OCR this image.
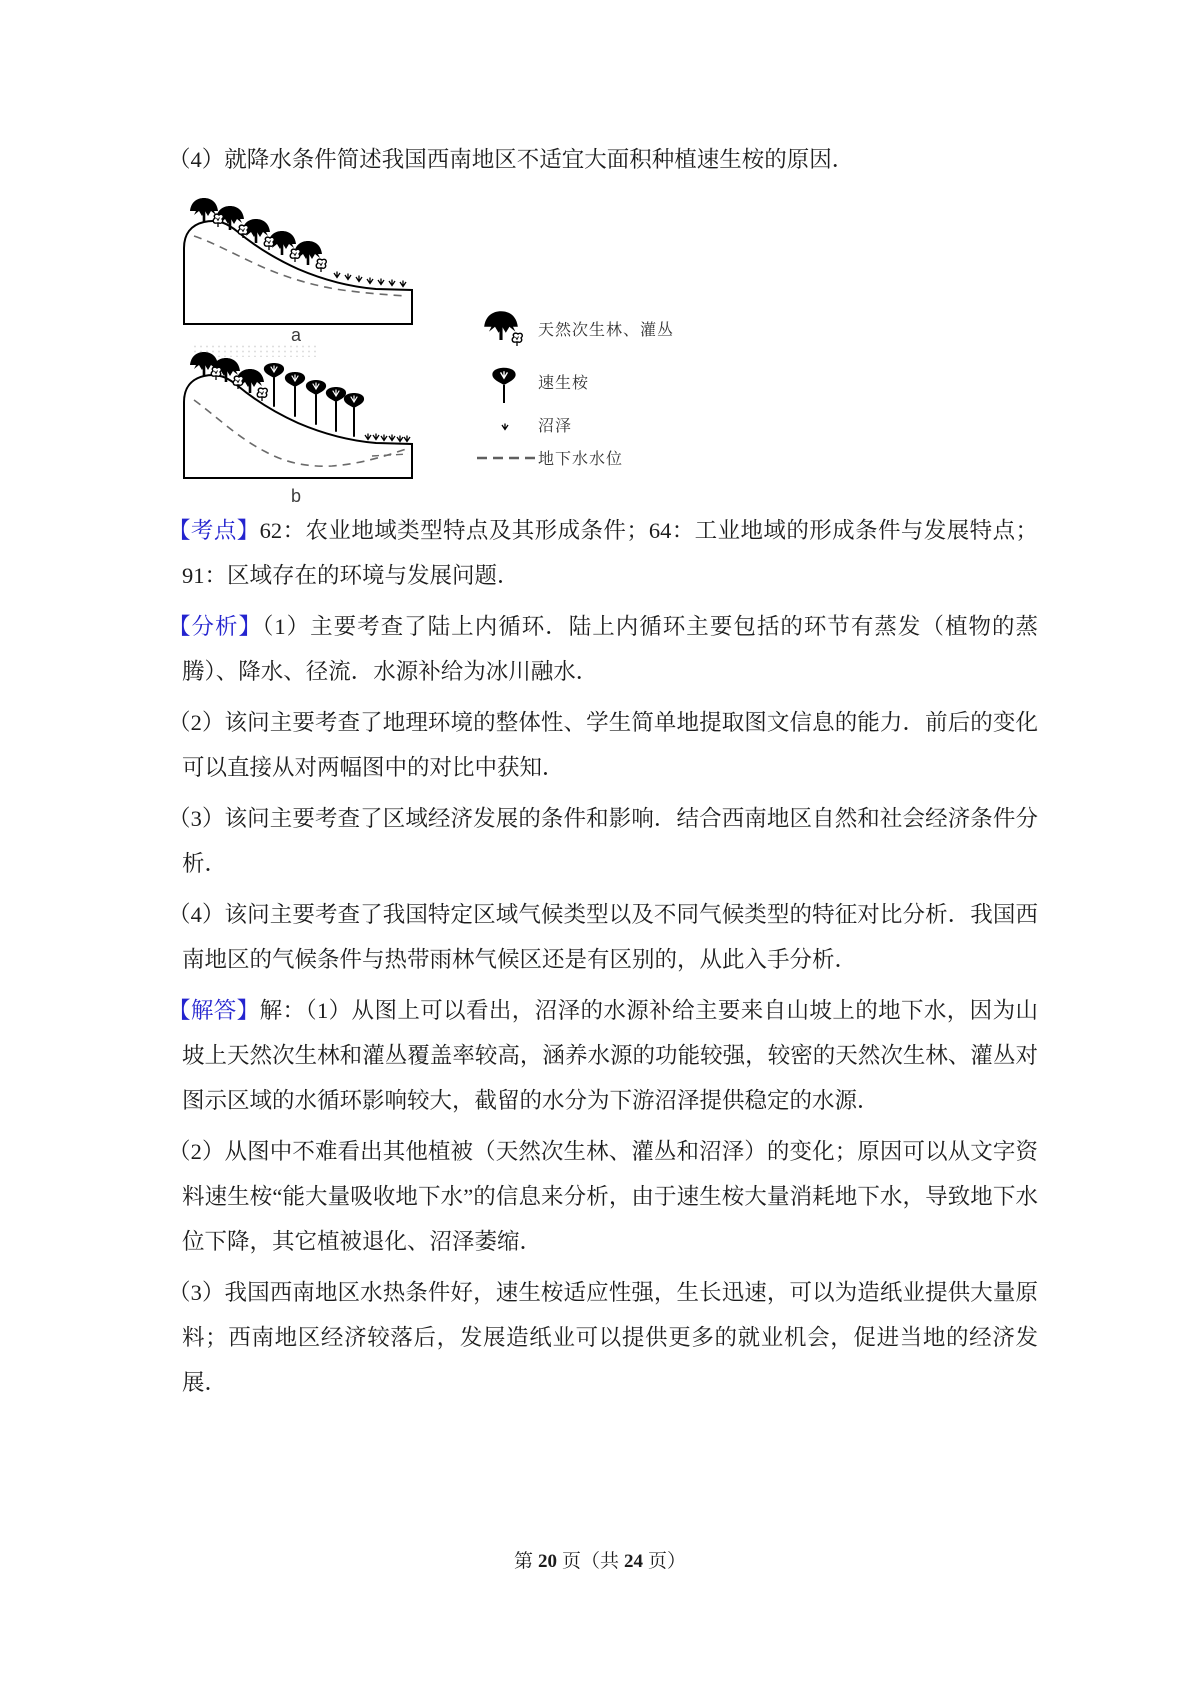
（4）就降水条件简述我国西南地区不适宜大面积种植速生桉的原因．

a
b
天然次生林、灌丛
速生桉
沼泽
地下水水位

【考点】62：农业地域类型特点及其形成条件；64：工业地域的形成条件与发展特点；91：区域存在的环境与发展问题．

【分析】（1）主要考查了陆上内循环．陆上内循环主要包括的环节有蒸发（植物的蒸腾）、降水、径流．水源补给为冰川融水．

（2）该问主要考查了地理环境的整体性、学生简单地提取图文信息的能力．前后的变化可以直接从对两幅图中的对比中获知．

（3）该问主要考查了区域经济发展的条件和影响．结合西南地区自然和社会经济条件分析．

（4）该问主要考查了我国特定区域气候类型以及不同气候类型的特征对比分析．我国西南地区的气候条件与热带雨林气候区还是有区别的，从此入手分析．

【解答】解：（1）从图上可以看出，沼泽的水源补给主要来自山坡上的地下水，因为山坡上天然次生林和灌丛覆盖率较高，涵养水源的功能较强，较密的天然次生林、灌丛对图示区域的水循环影响较大，截留的水分为下游沼泽提供稳定的水源．

（2）从图中不难看出其他植被（天然次生林、灌丛和沼泽）的变化；原因可以从文字资料速生桉“能大量吸收地下水”的信息来分析，由于速生桉大量消耗地下水，导致地下水位下降，其它植被退化、沼泽萎缩．

（3）我国西南地区水热条件好，速生桉适应性强，生长迅速，可以为造纸业提供大量原料；西南地区经济较落后，发展造纸业可以提供更多的就业机会，促进当地的经济发展．

第 20 页（共 24 页）
